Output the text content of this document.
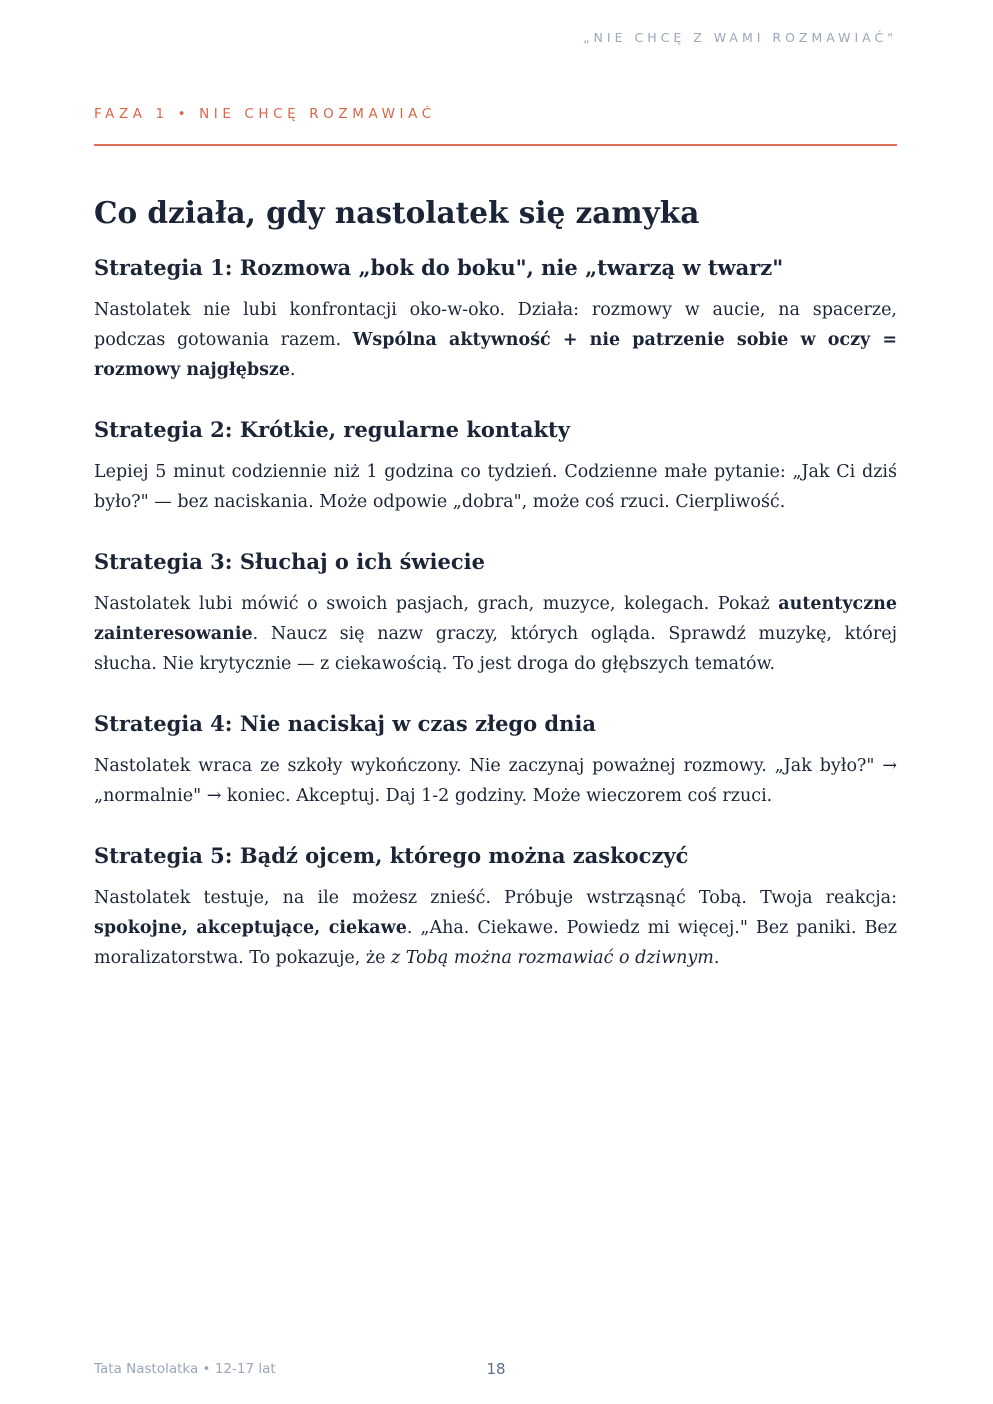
„NIE CHCĘ Z WAMI ROZMAWIAĆ"
FAZA 1 • NIE CHCĘ ROZMAWIAĆ
Co działa, gdy nastolatek się zamyka
Strategia 1: Rozmowa „bok do boku", nie „twarzą w twarz"

Nastolatek nie lubi konfrontacji oko-w-oko. Działa: rozmowy w aucie, na spacerze, podczas gotowania razem. Wspólna aktywność + nie patrzenie sobie w oczy = rozmowy najgłębsze.

Strategia 2: Krótkie, regularne kontakty

Lepiej 5 minut codziennie niż 1 godzina co tydzień. Codzienne małe pytanie: „Jak Ci dziś było?" — bez naciskania. Może odpowie „dobra", może coś rzuci. Cierpliwość.

Strategia 3: Słuchaj o ich świecie

Nastolatek lubi mówić o swoich pasjach, grach, muzyce, kolegach. Pokaż autentyczne zainteresowanie. Naucz się nazw graczy, których ogląda. Sprawdź muzykę, której słucha. Nie krytycznie — z ciekawością. To jest droga do głębszych tematów.

Strategia 4: Nie naciskaj w czas złego dnia

Nastolatek wraca ze szkoły wykończony. Nie zaczynaj poważnej rozmowy. „Jak było?" → „normalnie" → koniec. Akceptuj. Daj 1-2 godziny. Może wieczorem coś rzuci.

Strategia 5: Bądź ojcem, którego można zaskoczyć

Nastolatek testuje, na ile możesz znieść. Próbuje wstrząsnąć Tobą. Twoja reakcja: spokojne, akceptujące, ciekawe. „Aha. Ciekawe. Powiedz mi więcej." Bez paniki. Bez moralizatorstwa. To pokazuje, że z Tobą można rozmawiać o dziwnym.

Tata Nastolatka • 12-17 lat	18
